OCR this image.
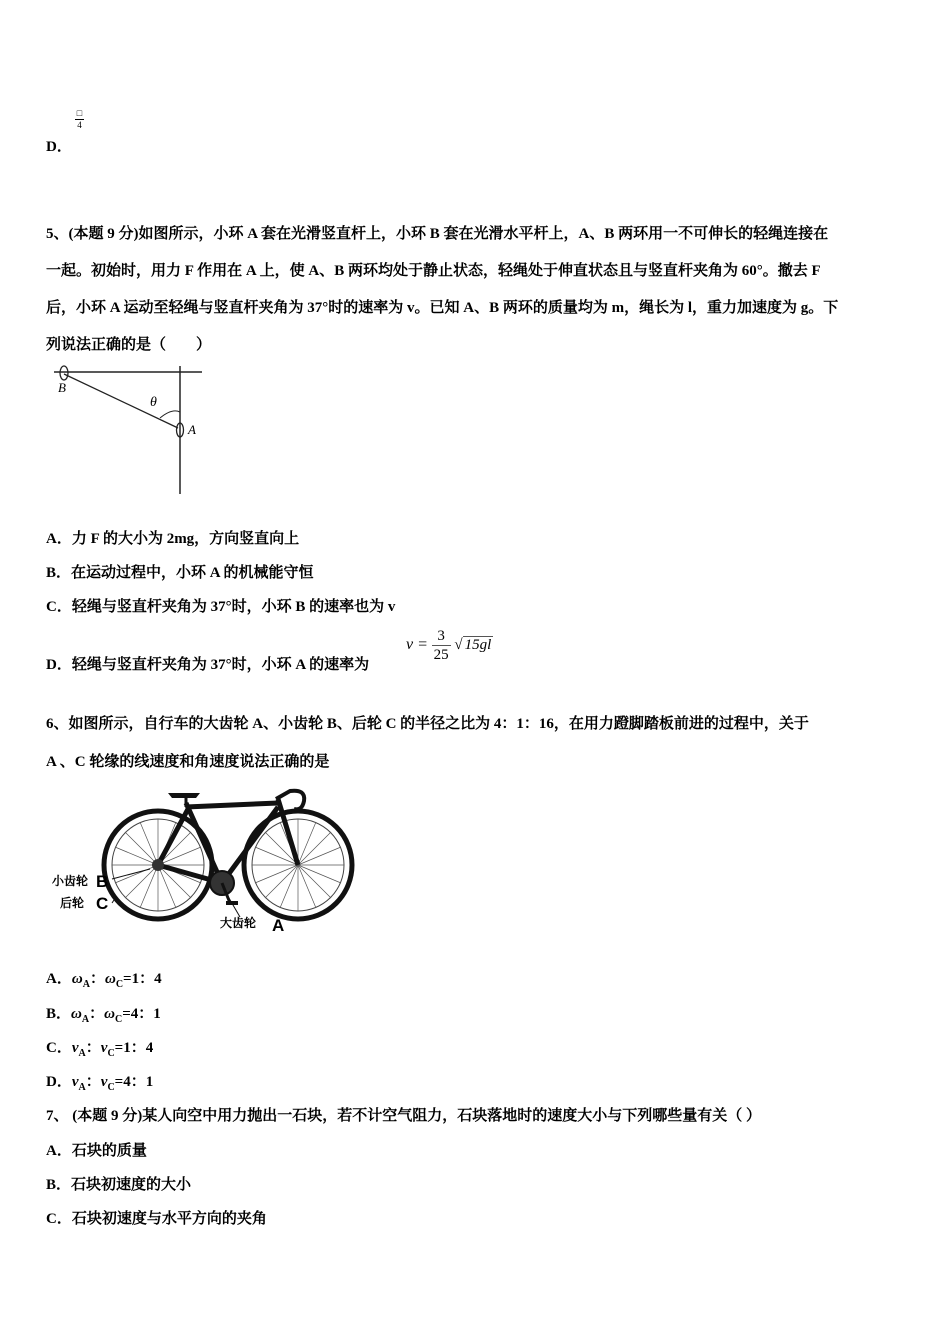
□
4
D．
5、(本题 9 分)如图所示，小环 A 套在光滑竖直杆上，小环 B 套在光滑水平杆上，A、B 两环用一不可伸长的轻绳连接在
一起。初始时，用力 F 作用在 A 上，使 A、B 两环均处于静止状态，轻绳处于伸直状态且与竖直杆夹角为 60°。撤去 F
后，小环 A 运动至轻绳与竖直杆夹角为 37°时的速率为 v。已知 A、B 两环的质量均为 m，绳长为 l，重力加速度为 g。下
列说法正确的是（　　）
B
A
θ
A．力 F 的大小为 2mg，方向竖直向上
B．在运动过程中，小环 A 的机械能守恒
C．轻绳与竖直杆夹角为 37°时，小环 B 的速率也为 v
D．轻绳与竖直杆夹角为 37°时，小环 A 的速率为
$v = \frac{3}{25}$ √ 15gl
6、如图所示，自行车的大齿轮 A、小齿轮 B、后轮 C 的半径之比为 4：1：16，在用力蹬脚踏板前进的过程中，关于
A 、C 轮缘的线速度和角速度说法正确的是
小齿轮 B
后轮 C
大齿轮 A
A．$\omega_A$：$\omega_C=1$：4
B．$\omega_A$：$\omega_C=4$：1
C．$v_A$：$v_C=1$：4
D．$v_A$：$v_C=4$：1
7、 (本题 9 分)某人向空中用力抛出一石块，若不计空气阻力，石块落地时的速度大小与下列哪些量有关（ ）
A．石块的质量
B．石块初速度的大小
C．石块初速度与水平方向的夹角
